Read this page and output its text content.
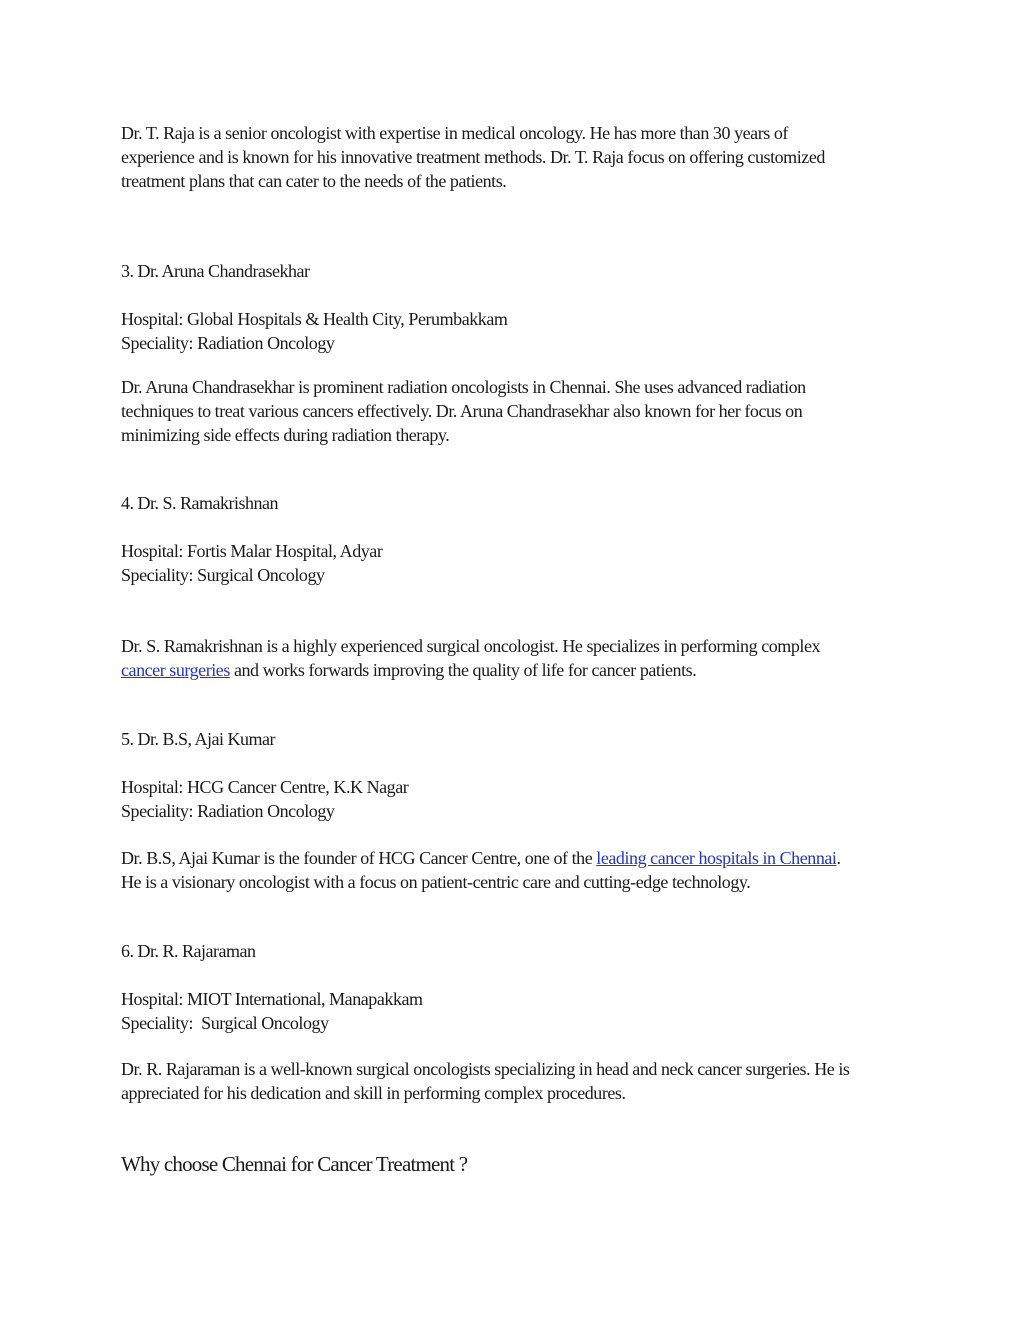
Dr. T. Raja is a senior oncologist with expertise in medical oncology. He has more than 30 years of
experience and is known for his innovative treatment methods. Dr. T. Raja focus on offering customized
treatment plans that can cater to the needs of the patients.

3. Dr. Aruna Chandrasekhar

Hospital: Global Hospitals & Health City, Perumbakkam
Speciality: Radiation Oncology

Dr. Aruna Chandrasekhar is prominent radiation oncologists in Chennai. She uses advanced radiation
techniques to treat various cancers effectively. Dr. Aruna Chandrasekhar also known for her focus on
minimizing side effects during radiation therapy.

4. Dr. S. Ramakrishnan

Hospital: Fortis Malar Hospital, Adyar
Speciality: Surgical Oncology

Dr. S. Ramakrishnan is a highly experienced surgical oncologist. He specializes in performing complex
cancer surgeries and works forwards improving the quality of life for cancer patients.

5. Dr. B.S, Ajai Kumar

Hospital: HCG Cancer Centre, K.K Nagar
Speciality: Radiation Oncology

Dr. B.S, Ajai Kumar is the founder of HCG Cancer Centre, one of the leading cancer hospitals in Chennai.
He is a visionary oncologist with a focus on patient-centric care and cutting-edge technology.

6. Dr. R. Rajaraman

Hospital: MIOT International, Manapakkam
Speciality:  Surgical Oncology

Dr. R. Rajaraman is a well-known surgical oncologists specializing in head and neck cancer surgeries. He is
appreciated for his dedication and skill in performing complex procedures.

Why choose Chennai for Cancer Treatment ?
